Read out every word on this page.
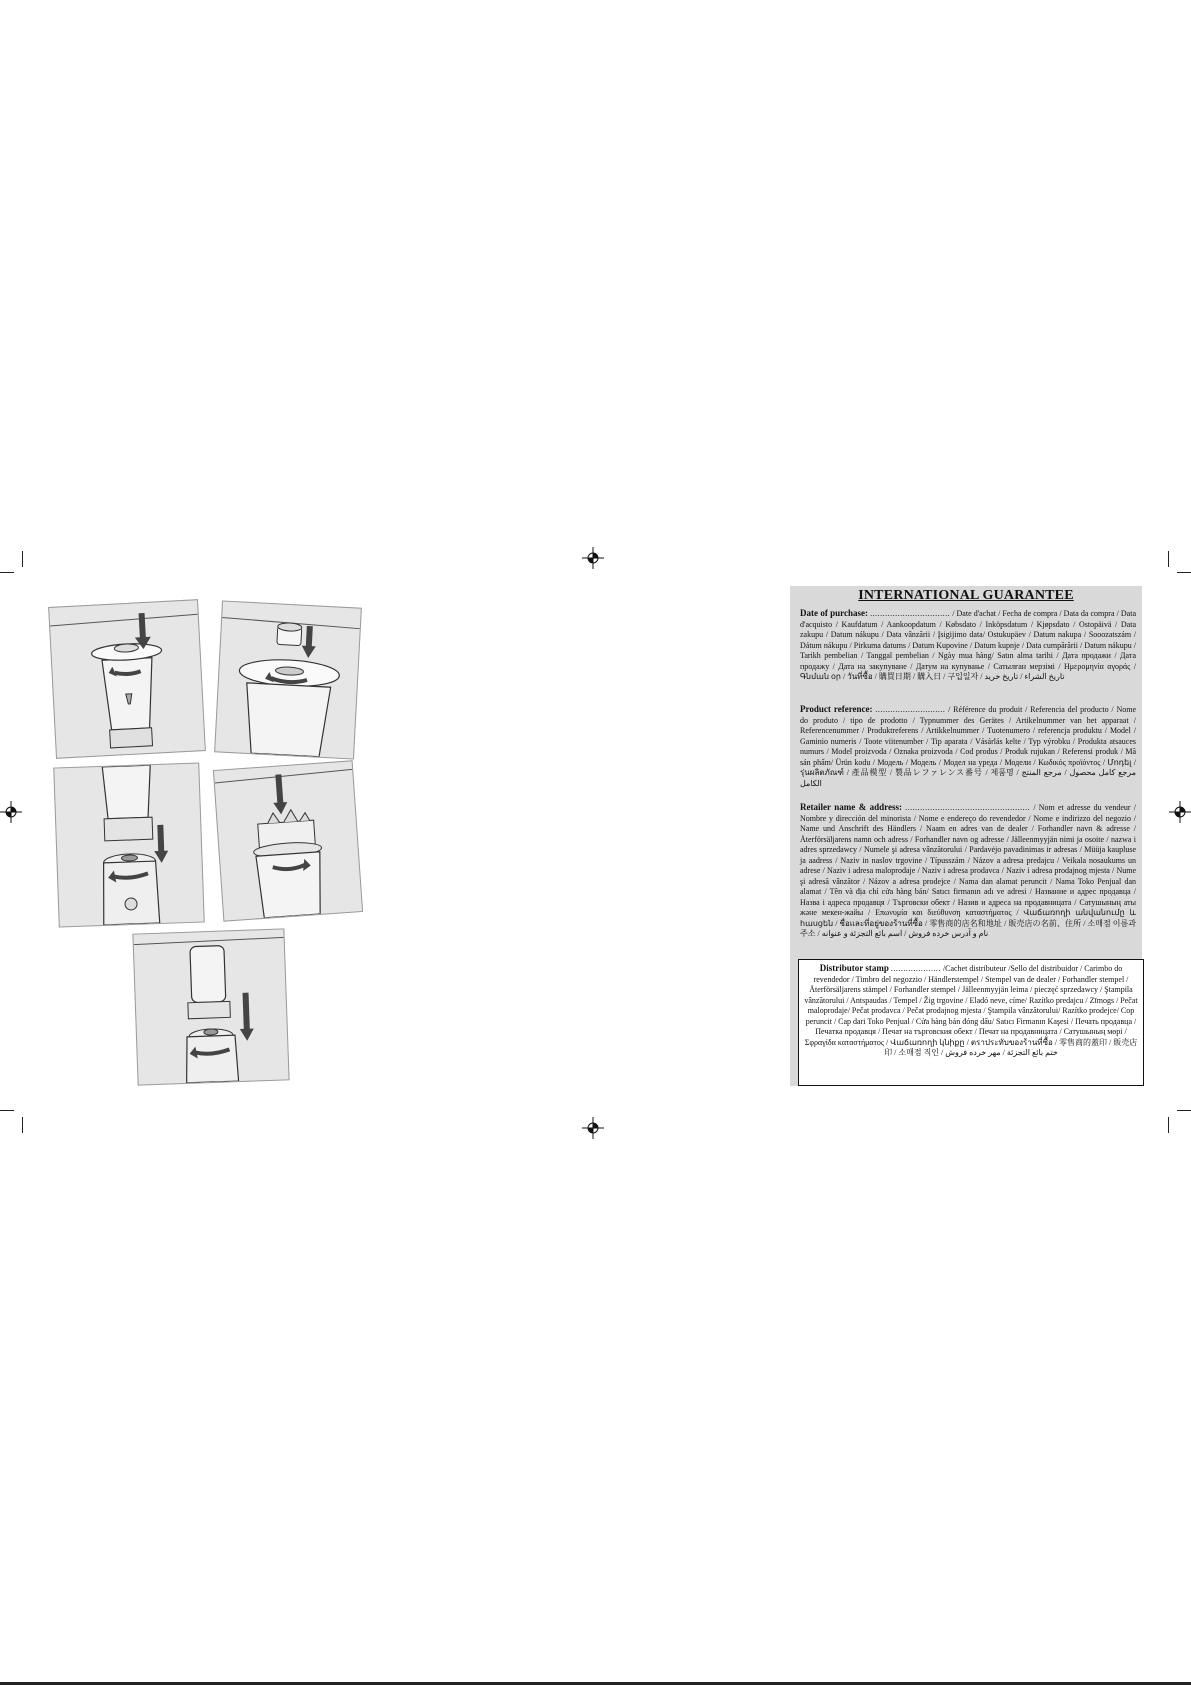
INTERNATIONAL GUARANTEE
Date of purchase: ................................ / Date d'achat / Fecha de compra / Data da compra / Data d'acquisto / Kaufdatum / Aankoopdatum / Købsdato / Inköpsdatum / Kjøpsdato / Ostopäivä / Data zakupu / Datum nákupu / Data vânzării / Įsigijimo data/ Ostukupäev / Datum nakupa / Sooozatszám / Dátum nákupu / Pirkuma datums / Datum Kupovine / Datum kupnje / Data cumpărării / Datum nákupu / Tarikh pembelian / Tanggal pembelian / Ngày mua hàng/ Satın alma tarihi / Дата продажи / Дата продажу / Дата на закупуване / Датум на купување / Сатылған мерзімі / Ημερομηνία αγοράς / Գնման օր / วันที่ซื้อ / 購買日期 / 購入日 / 구입일자 / تاريخ الشراء / تاريخ خريد
Product reference: ............................ / Référence du produit / Referencia del producto / Nome do produto / tipo de prodotto / Typnummer des Gerätes / Artikelnummer van het apparaat / Referencenummer / Produktreferens / Artikkelnummer / Tuotenumero / referencja produktu / Model / Gaminio numeris / Toote viitenumber / Tip aparata / Vásárlás kelte / Typ výrobku / Produkta atsauces numurs / Model proizvoda / Oznaka proizvoda / Cod produs / Produk rujukan / Referensi produk / Mã sản phẩm/ Ürün kodu / Модель / Модель / Модел на уреда / Модели / Κωδικός προϊόντος / Մոդել / รุ่นผลิตภัณฑ์ / 產品模型 / 製品レファレンス番号 / 제품명 / مرجع كامل محصول / مرجع المنتج الكامل
Retailer name & address: .................................................. / Nom et adresse du vendeur / Nombre y dirección del minorista / Nome e endereço do revendedor / Nome e indirizzo del negozio / Name und Anschrift des Händlers / Naam en adres van de dealer / Forhandler navn & adresse / Återförsäljarens namn och adress / Forhandler navn og adresse / Jälleenmyyjän nimi ja osoite / nazwa i adres sprzedawcy / Numele şi adresa vânzătorului / Pardavėjo pavadinimas ir adresas / Müüja kaupluse ja aadress / Naziv in naslov trgovine / Típusszám / Názov a adresa predajcu / Veikala nosaukums un adrese / Naziv i adresa maloprodaje / Naziv i adresa prodavca / Naziv i adresa prodajnog mjesta / Nume şi adresă vânzător / Názov a adresa prodejce / Nama dan alamat peruncit / Nama Toko Penjual dan alamat / Tên và địa chỉ cửa hàng bán/ Satıcı firmanın adı ve adresi / Название и адрес продавца / Назва і адреса продавця / Търговски обект / Назив и адреса на продавницата / Сатушының аты және мекен-жайы / Επωνυμία και διεύθυνση καταστήματος / Վաճառողի անվանումը և հասցեն / ชื่อและที่อยู่ของร้านที่ซื้อ / 零售商的店名和地址 / 販売店の名前、住所 / 소매점 이름과 주소 / نام و آدرس خرده فروش / اسم بائع التجزئة و عنوانه
Distributor stamp .................... /Cachet distributeur /Sello del distribuidor / Carimbo do revendedor / Timbro del negozzio / Händlerstempel / Stempel van de dealer / Forhandler stempel / Återförsäljarens stämpel / Forhandler stempel / Jälleenmyyjän leima / pieczęć sprzedawcy / Ştampila vânzătorului / Antspaudas / Tempel / Žig trgovine / Eladó neve, címe/ Razítko predajcu / Zīmogs / Pečat maloprodaje/ Pečat prodavca / Pečat prodajnog mjesta / Ştampila vânzătorului/ Razítko prodejce/ Cop peruncit / Cap dari Toko Penjual / Cửa hàng bán đóng dấu/ Satıcı Firmanın Kaşesi / Печать продавца / Печатка продавця / Печат на търговския обект / Печат на продавницата / Сатушының мөрі / Σφραγίδα καταστήματος / Վաճառողի կնիքը / ตราประทับของร้านที่ซื้อ / 零售商的蓋印 / 販売店印 / 소매점 직인 / ختم بائع التجزئة / مهر خرده فروش
